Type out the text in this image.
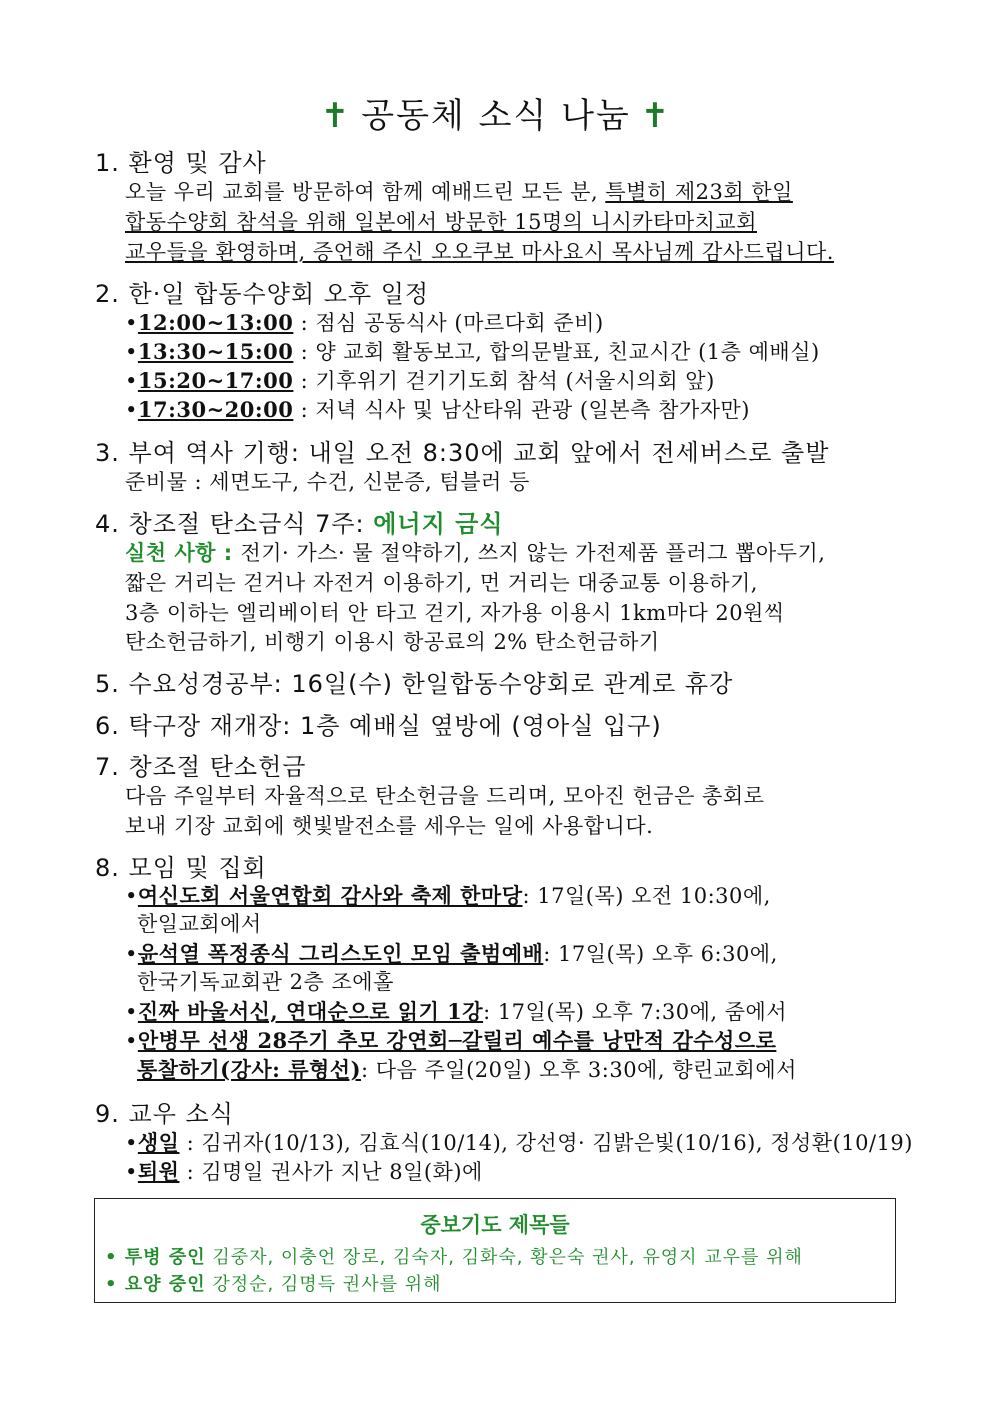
✝ 공동체 소식 나눔 ✝
1. 환영 및 감사
오늘 우리 교회를 방문하여 함께 예배드린 모든 분, 특별히 제23회 한일
합동수양회 참석을 위해 일본에서 방문한 15명의 니시카타마치교회
교우들을 환영하며, 증언해 주신 오오쿠보 마사요시 목사님께 감사드립니다.
2. 한·일 합동수양회 오후 일정
•12:00~13:00 : 점심 공동식사 (마르다회 준비)
•13:30~15:00 : 양 교회 활동보고, 합의문발표, 친교시간 (1층 예배실)
•15:20~17:00 : 기후위기 걷기기도회 참석 (서울시의회 앞)
•17:30~20:00 : 저녁 식사 및 남산타워 관광 (일본측 참가자만)
3. 부여 역사 기행: 내일 오전 8:30에 교회 앞에서 전세버스로 출발
준비물 : 세면도구, 수건, 신분증, 텀블러 등
4. 창조절 탄소금식 7주: 에너지 금식
실천 사항 : 전기· 가스· 물 절약하기, 쓰지 않는 가전제품 플러그 뽑아두기,
짧은 거리는 걷거나 자전거 이용하기, 먼 거리는 대중교통 이용하기,
3층 이하는 엘리베이터 안 타고 걷기, 자가용 이용시 1km마다 20원씩
탄소헌금하기, 비행기 이용시 항공료의 2% 탄소헌금하기
5. 수요성경공부: 16일(수) 한일합동수양회로 관계로 휴강
6. 탁구장 재개장: 1층 예배실 옆방에 (영아실 입구)
7. 창조절 탄소헌금
다음 주일부터 자율적으로 탄소헌금을 드리며, 모아진 헌금은 총회로
보내 기장 교회에 햇빛발전소를 세우는 일에 사용합니다.
8. 모임 및 집회
•여신도회 서울연합회 감사와 축제 한마당: 17일(목) 오전 10:30에,
한일교회에서
•윤석열 폭정종식 그리스도인 모임 출범예배: 17일(목) 오후 6:30에,
한국기독교회관 2층 조에홀
•진짜 바울서신, 연대순으로 읽기 1강: 17일(목) 오후 7:30에, 줌에서
•안병무 선생 28주기 추모 강연회─갈릴리 예수를 낭만적 감수성으로
통찰하기(강사: 류형선): 다음 주일(20일) 오후 3:30에, 향린교회에서
9. 교우 소식
•생일 : 김귀자(10/13), 김효식(10/14), 강선영· 김밝은빛(10/16), 정성환(10/19)
•퇴원 : 김명일 권사가 지난 8일(화)에
중보기도 제목들
• 투병 중인 김중자, 이충언 장로, 김숙자, 김화숙, 황은숙 권사, 유영지 교우를 위해
• 요양 중인 강정순, 김명득 권사를 위해
